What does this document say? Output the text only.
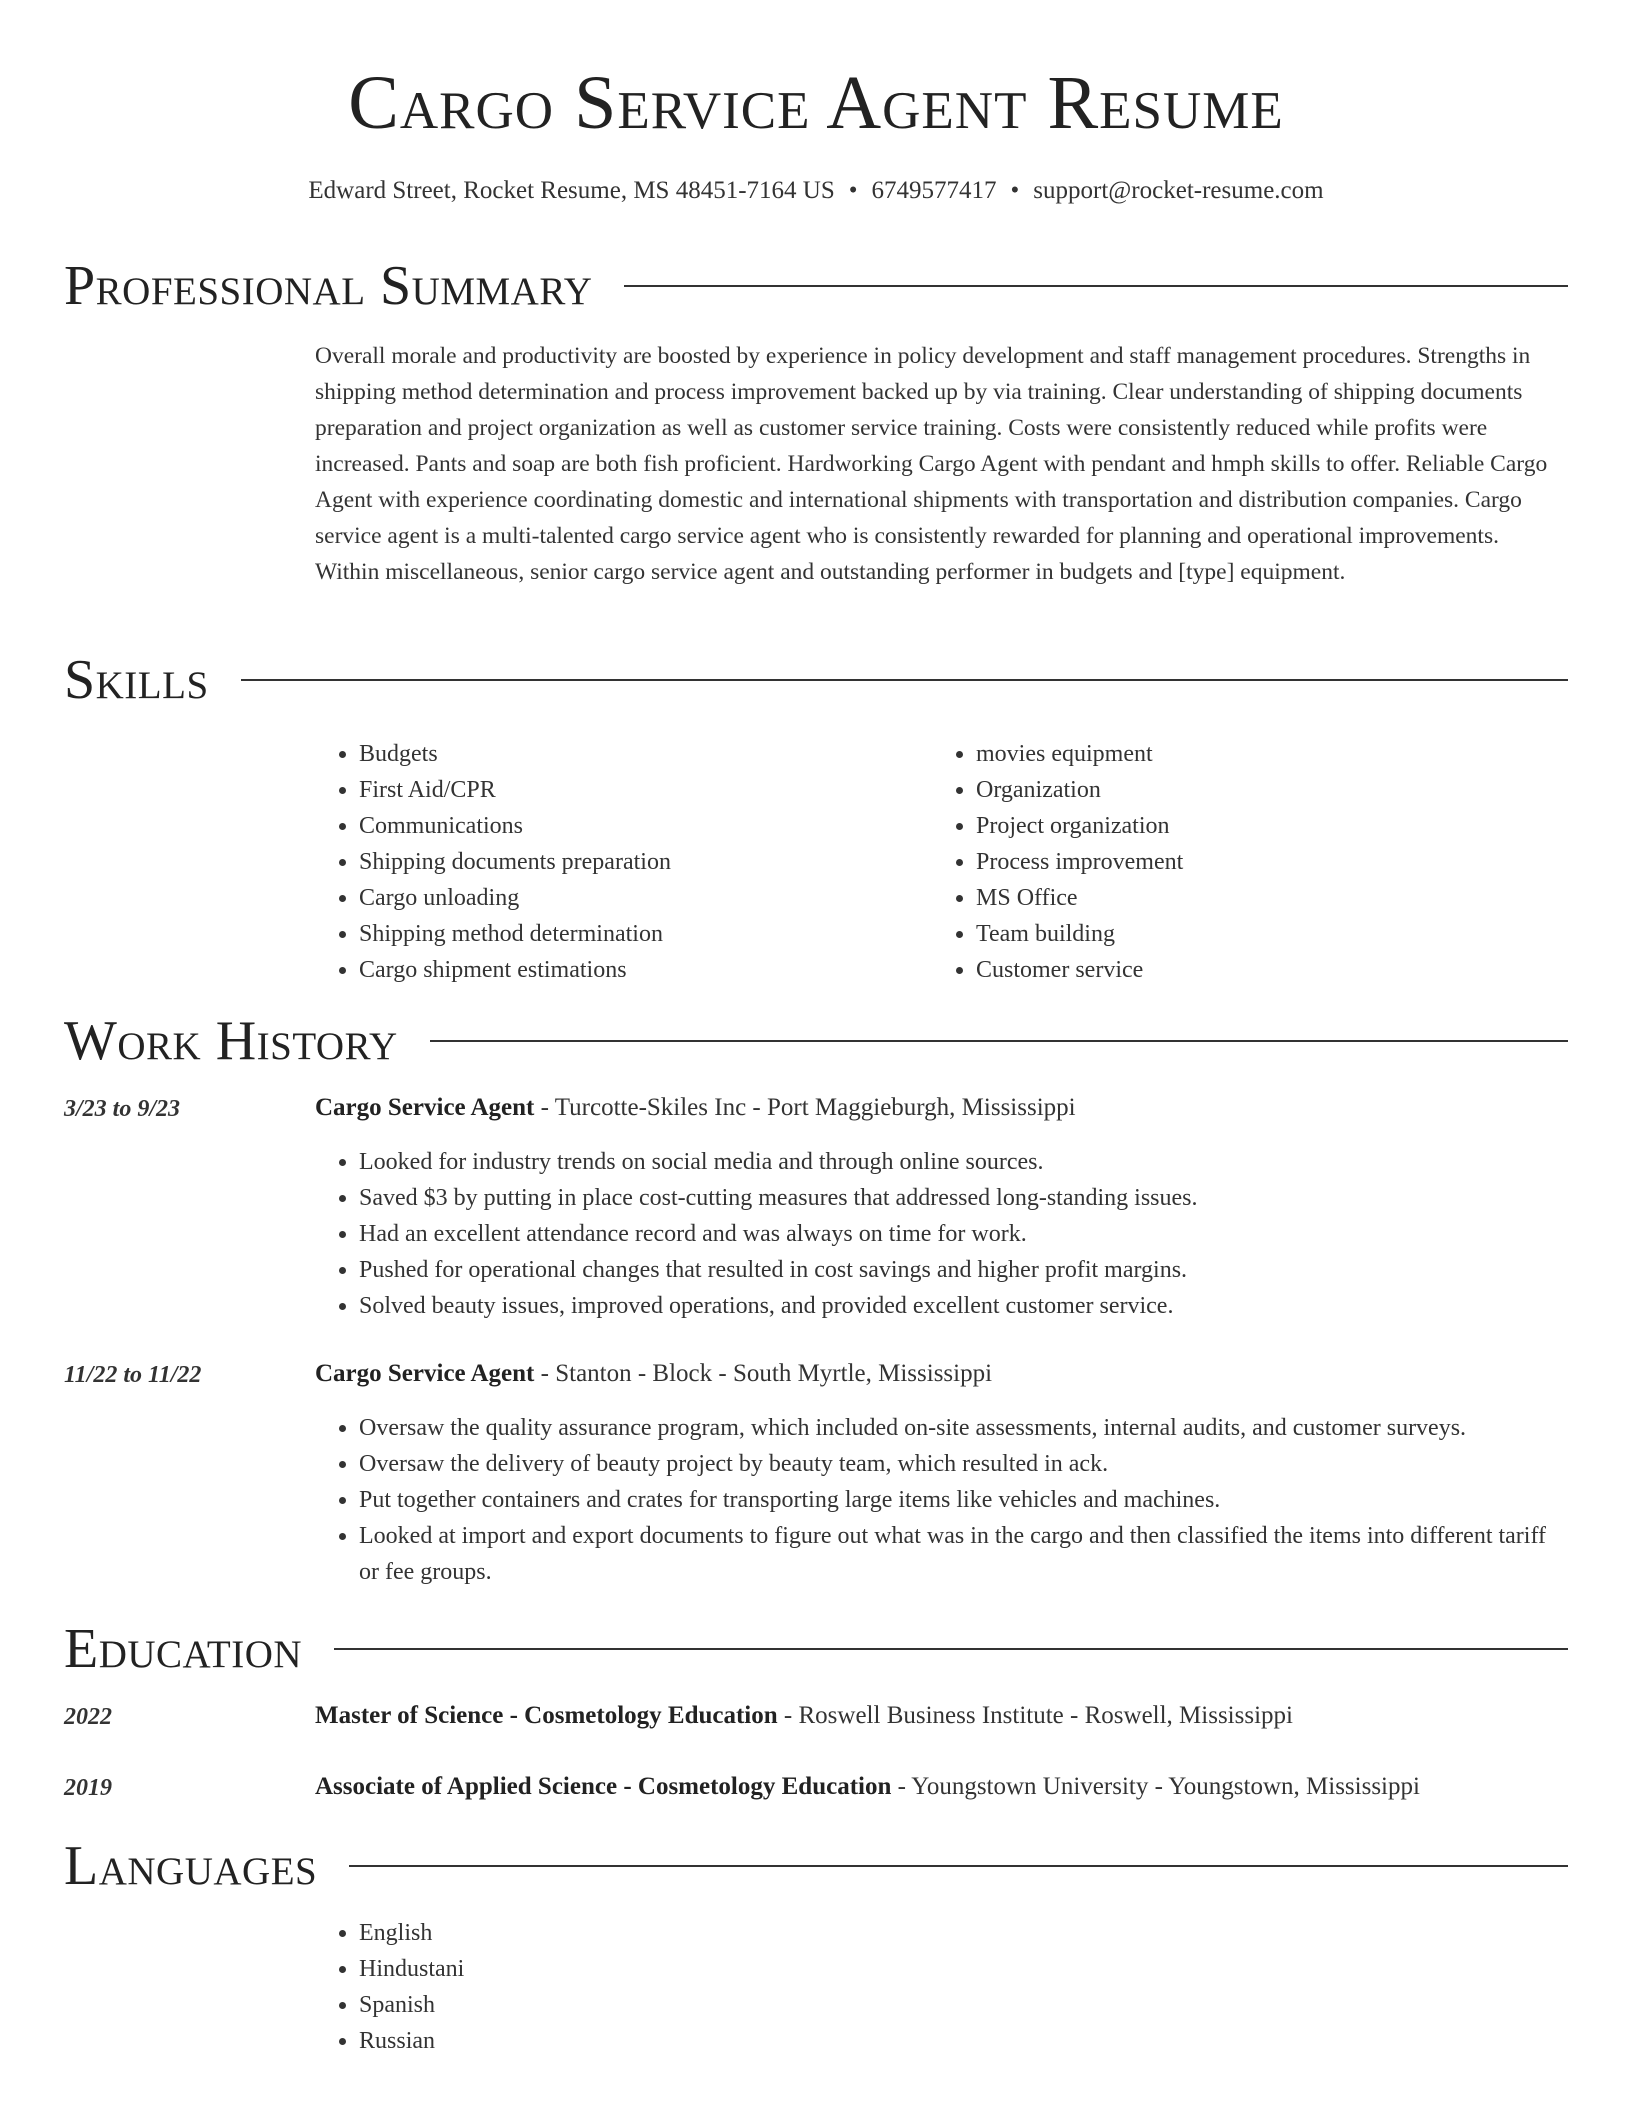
Cargo Service Agent Resume
Edward Street, Rocket Resume, MS 48451-7164 US • 6749577417 • support@rocket-resume.com
Professional Summary

Overall morale and productivity are boosted by experience in policy development and staff management procedures. Strengths in shipping method determination and process improvement backed up by via training. Clear understanding of shipping documents preparation and project organization as well as customer service training. Costs were consistently reduced while profits were increased. Pants and soap are both fish proficient. Hardworking Cargo Agent with pendant and hmph skills to offer. Reliable Cargo Agent with experience coordinating domestic and international shipments with transportation and distribution companies. Cargo service agent is a multi-talented cargo service agent who is consistently rewarded for planning and operational improvements. Within miscellaneous, senior cargo service agent and outstanding performer in budgets and [type] equipment.

Skills
• Budgets
• First Aid/CPR
• Communications
• Shipping documents preparation
• Cargo unloading
• Shipping method determination
• Cargo shipment estimations
• movies equipment
• Organization
• Project organization
• Process improvement
• MS Office
• Team building
• Customer service
Work History
3/23 to 9/23	Cargo Service Agent - Turcotte-Skiles Inc - Port Maggieburgh, Mississippi
• Looked for industry trends on social media and through online sources.
• Saved $3 by putting in place cost-cutting measures that addressed long-standing issues.
• Had an excellent attendance record and was always on time for work.
• Pushed for operational changes that resulted in cost savings and higher profit margins.
• Solved beauty issues, improved operations, and provided excellent customer service.
11/22 to 11/22	Cargo Service Agent - Stanton - Block - South Myrtle, Mississippi
• Oversaw the quality assurance program, which included on-site assessments, internal audits, and customer surveys.
• Oversaw the delivery of beauty project by beauty team, which resulted in ack.
• Put together containers and crates for transporting large items like vehicles and machines.
• Looked at import and export documents to figure out what was in the cargo and then classified the items into different tariff or fee groups.
Education
2022	Master of Science - Cosmetology Education - Roswell Business Institute - Roswell, Mississippi
2019	Associate of Applied Science - Cosmetology Education - Youngstown University - Youngstown, Mississippi
Languages
• English
• Hindustani
• Spanish
• Russian
